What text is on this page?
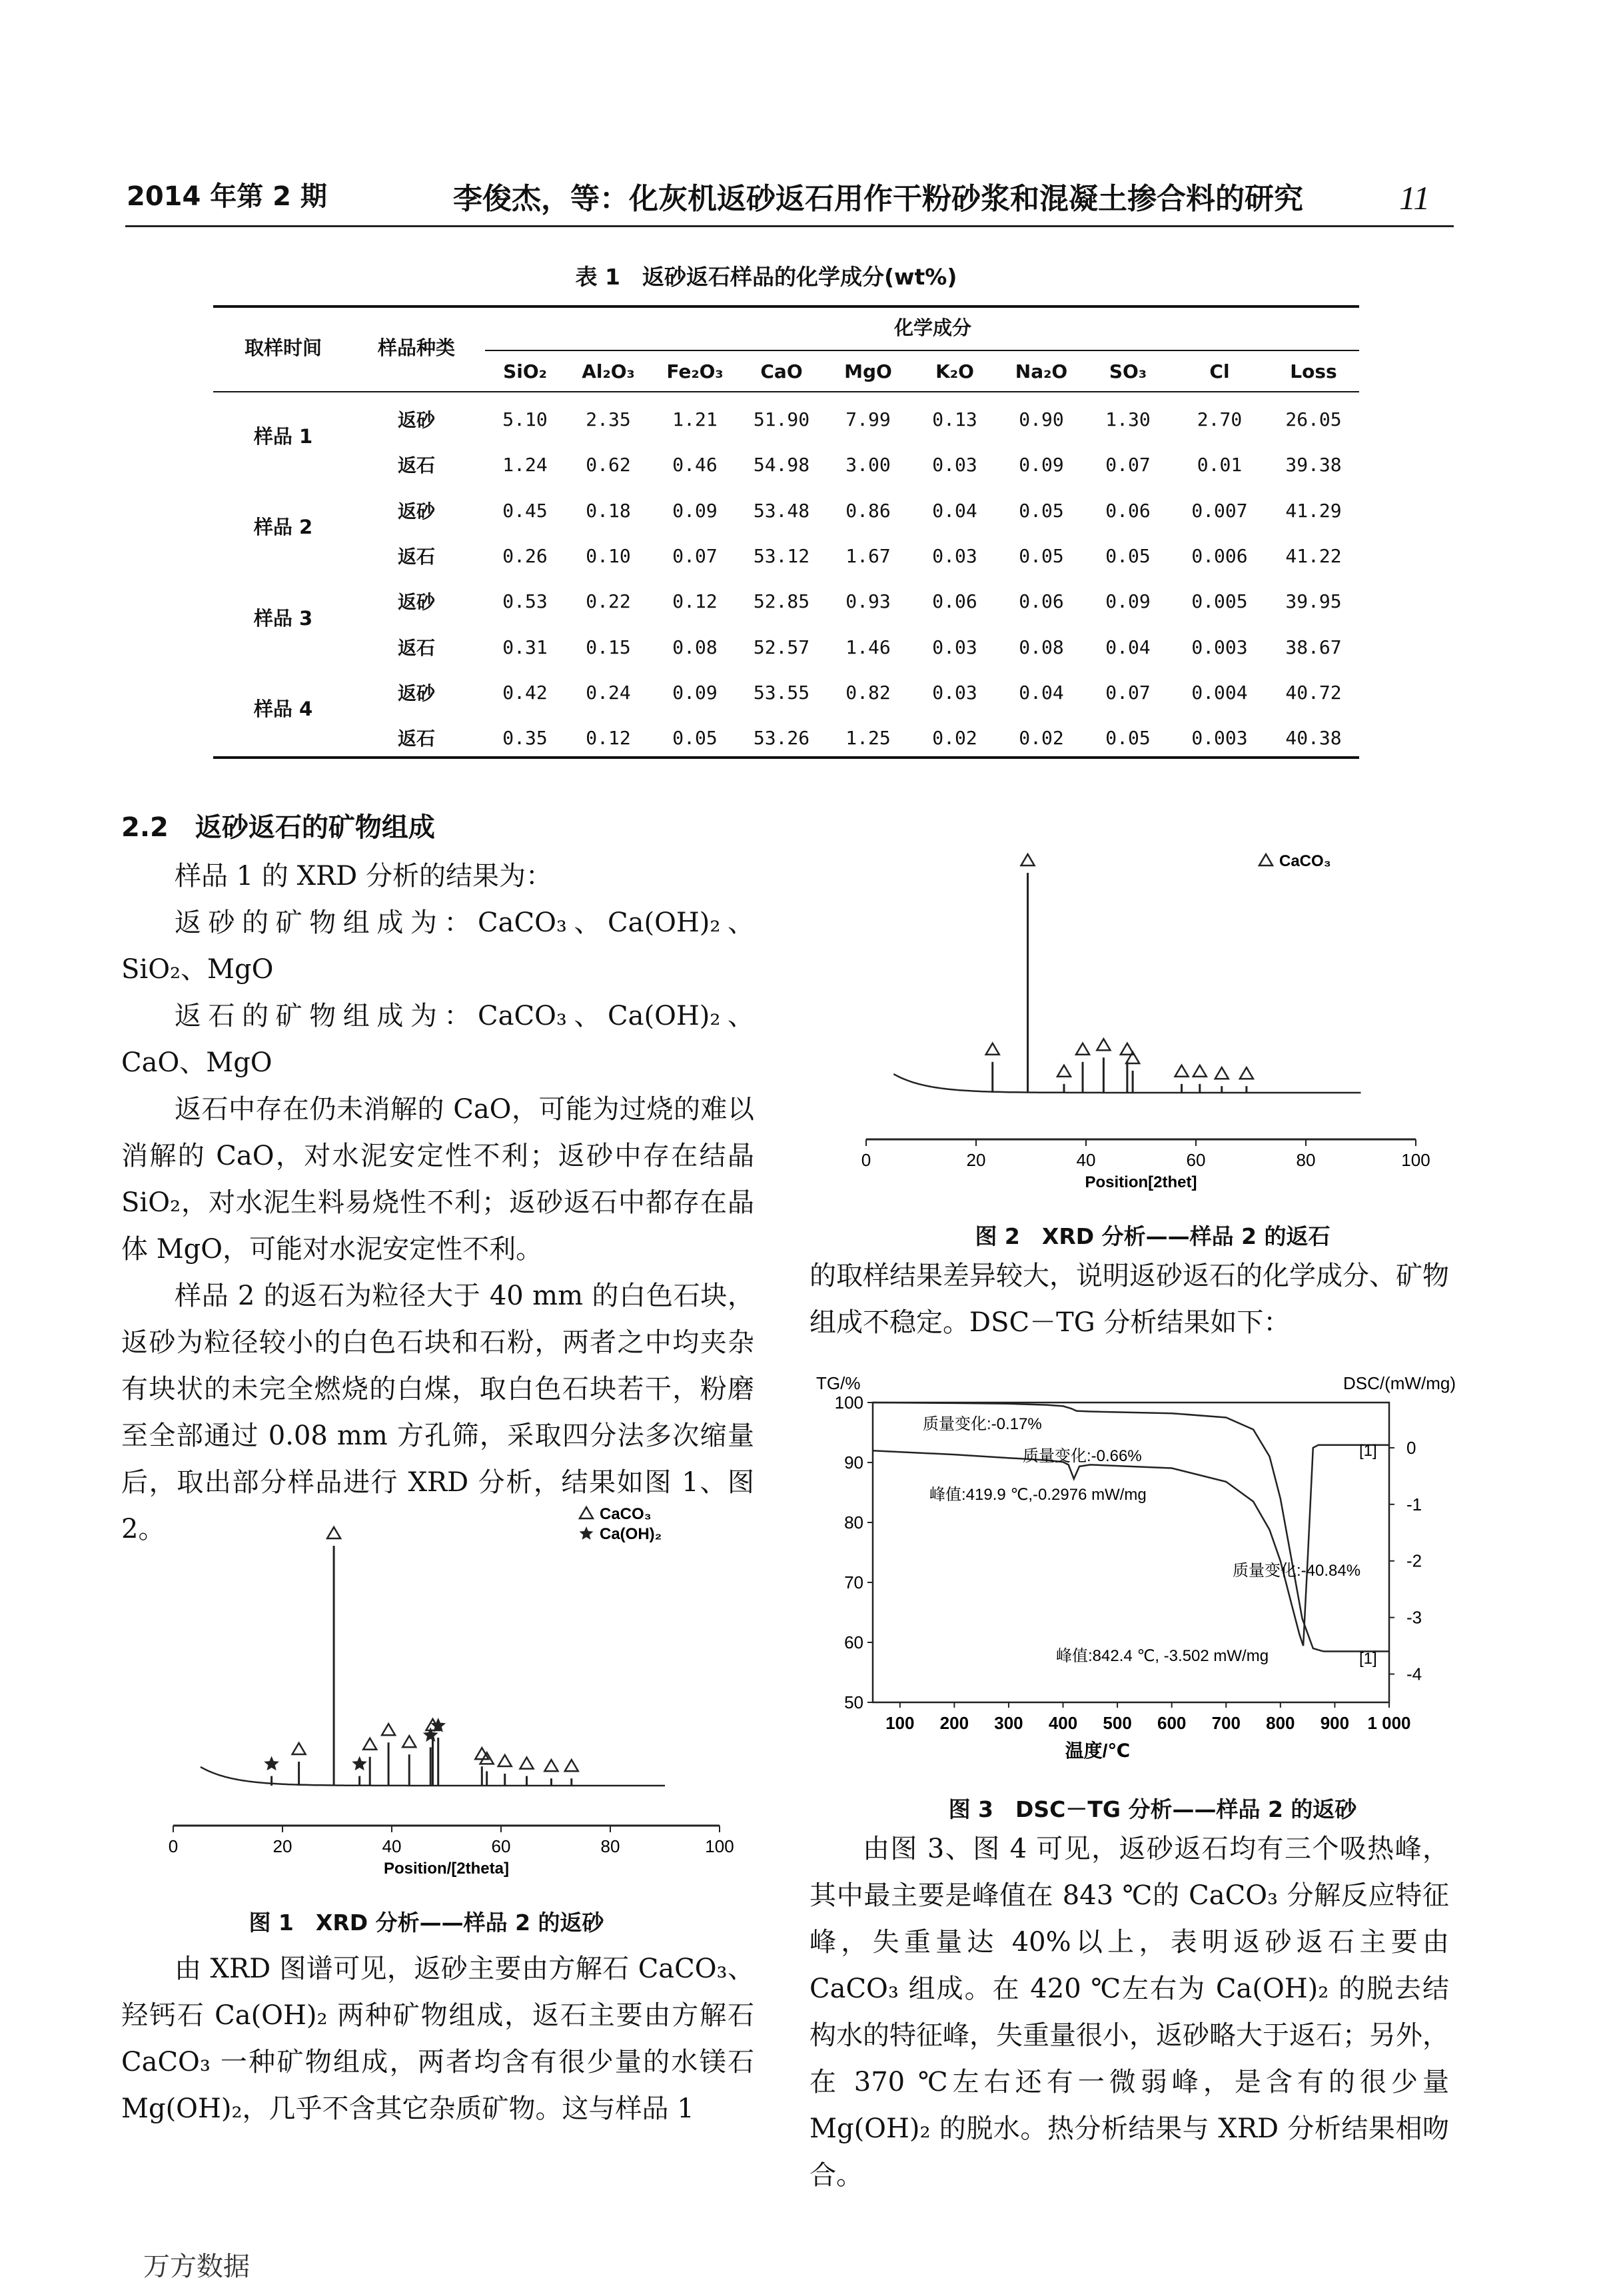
2014 年第 2 期	李俊杰，等：化灰机返砂返石用作干粉砂浆和混凝土掺合料的研究	11
表 1　返砂返石样品的化学成分(wt%)
取样时间	样品种类
化学成分
SiO₂	Al₂O₃	Fe₂O₃	CaO	MgO	K₂O	Na₂O	SO₃	Cl	Loss
样品 1
返砂	5.10	2.35	1.21	51.90	7.99	0.13	0.90	1.30	2.70	26.05
返石	1.24	0.62	0.46	54.98	3.00	0.03	0.09	0.07	0.01	39.38
样品 2
返砂	0.45	0.18	0.09	53.48	0.86	0.04	0.05	0.06	0.007	41.29
返石	0.26	0.10	0.07	53.12	1.67	0.03	0.05	0.05	0.006	41.22
样品 3
返砂	0.53	0.22	0.12	52.85	0.93	0.06	0.06	0.09	0.005	39.95
返石	0.31	0.15	0.08	52.57	1.46	0.03	0.08	0.04	0.003	38.67
样品 4
返砂	0.42	0.24	0.09	53.55	0.82	0.03	0.04	0.07	0.004	40.72
返石	0.35	0.12	0.05	53.26	1.25	0.02	0.02	0.05	0.003	40.38
2.2　返砂返石的矿物组成

样品 1 的 XRD 分析的结果为：

返砂的矿物组成为：CaCO₃、Ca(OH)₂、SiO₂、MgO

返石的矿物组成为：CaCO₃、Ca(OH)₂、CaO、MgO

返石中存在仍未消解的 CaO，可能为过烧的难以消解的 CaO，对水泥安定性不利；返砂中存在结晶 SiO₂，对水泥生料易烧性不利；返砂返石中都存在晶体 MgO，可能对水泥安定性不利。

样品 2 的返石为粒径大于 40 mm 的白色石块，返砂为粒径较小的白色石块和石粉，两者之中均夹杂有块状的未完全燃烧的白煤，取白色石块若干，粉磨至全部通过 0.08 mm 方孔筛，采取四分法多次缩量后，取出部分样品进行 XRD 分析，结果如图 1、图 2。

0	20	40	60	80	100
Position/[2theta]
CaCO₃
Ca(OH)₂
图 1　XRD 分析——样品 2 的返砂

由 XRD 图谱可见，返砂主要由方解石 CaCO₃、羟钙石 Ca(OH)₂ 两种矿物组成，返石主要由方解石 CaCO₃ 一种矿物组成，两者均含有很少量的水镁石 Mg(OH)₂，几乎不含其它杂质矿物。这与样品 1

0	20	40	60	80	100
Position[2thet]
CaCO₃
图 2　XRD 分析——样品 2 的返石

的取样结果差异较大，说明返砂返石的化学成分、矿物组成不稳定。DSC－TG 分析结果如下：

TG/%	DSC/(mW/mg)
100
90
80
70
60
50
0
-1
-2
-3
-4
100 200 300 400 500 600 700 800 900 1 000
温度/℃
质量变化:-0.17%
质量变化:-0.66%
峰值:419.9 ℃,-0.2976 mW/mg
质量变化:-40.84%
峰值:842.4 ℃, -3.502 mW/mg
[1]
[1]
图 3　DSC－TG 分析——样品 2 的返砂

由图 3、图 4 可见，返砂返石均有三个吸热峰，其中最主要是峰值在 843 ℃的 CaCO₃ 分解反应特征峰，失重量达 40%以上，表明返砂返石主要由 CaCO₃ 组成。在 420 ℃左右为 Ca(OH)₂ 的脱去结构水的特征峰，失重量很小，返砂略大于返石；另外，在 370 ℃左右还有一微弱峰，是含有的很少量 Mg(OH)₂ 的脱水。热分析结果与 XRD 分析结果相吻合。

万方数据
